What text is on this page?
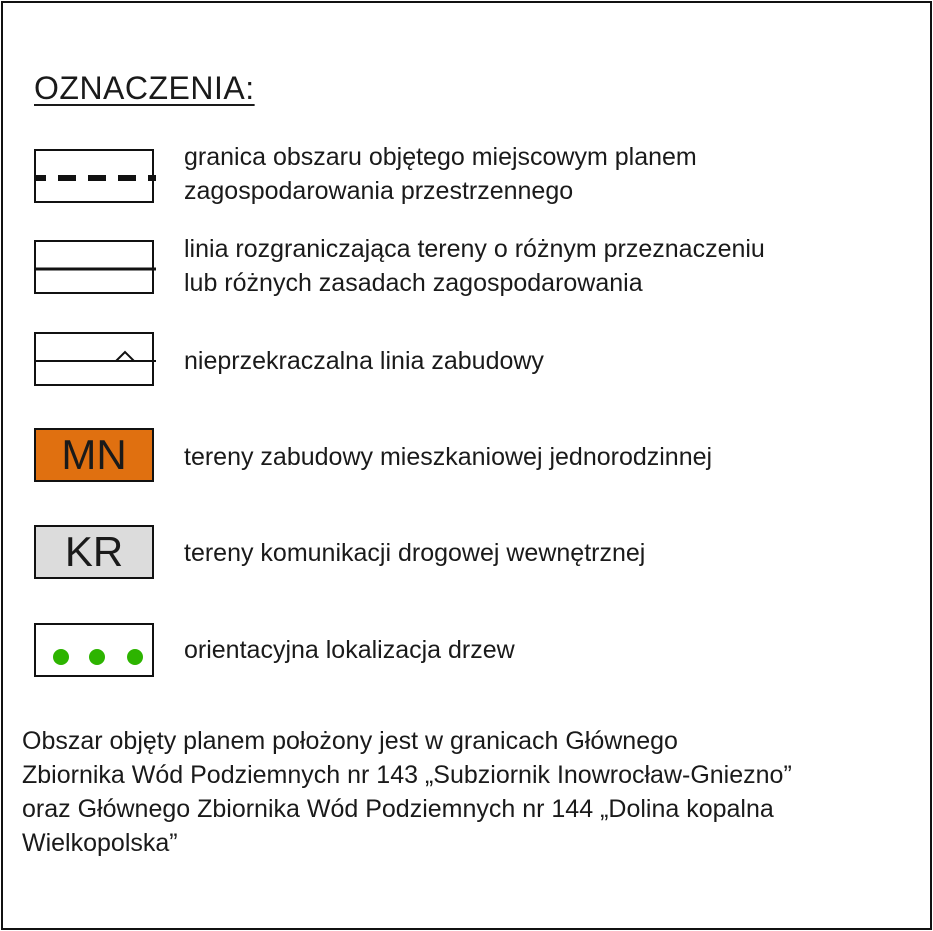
OZNACZENIA:
granica obszaru objętego miejscowym planem
zagospodarowania przestrzennego
linia rozgraniczająca tereny o różnym przeznaczeniu
lub różnych zasadach zagospodarowania
nieprzekraczalna linia zabudowy
MN	tereny zabudowy mieszkaniowej jednorodzinnej
KR	tereny komunikacji drogowej wewnętrznej
orientacyjna lokalizacja drzew
Obszar objęty planem położony jest w granicach Głównego
Zbiornika Wód Podziemnych nr 143 „Subziornik Inowrocław-Gniezno”
oraz Głównego Zbiornika Wód Podziemnych nr 144 „Dolina kopalna
Wielkopolska”
